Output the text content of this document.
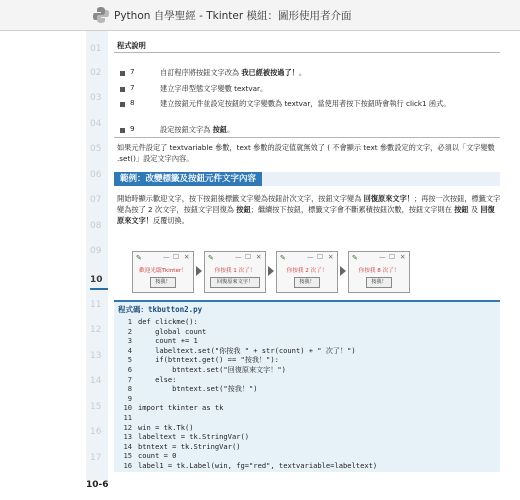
Python 自學聖經 - Tkinter 模組：圖形使用者介面
01
02
03
04
05
06
07
08
09
10
11
12
13
14
15
16
17
程式說明
7	自訂程序將按鈕文字改為 我已經被按過了！。
7	建立字串型態文字變數 textvar。
8	建立按鈕元件並設定按鈕的文字變數為 textvar，當使用者按下按鈕時會執行 click1 函式。
9	設定按鈕文字為 按鈕。
如果元件設定了 textvariable 參數，text 參數的設定值就無效了 ( 不會顯示 text 參數設定的文字，必須以「文字變數 .set()」設定文字內容。
範例：改變標籤及按鈕元件文字內容
開始時顯示歡迎文字，按下按鈕後標籤文字變為按鈕計次文字，按鈕文字變為 回復原來文字！；再按一次按鈕，標籤文字變為按了 2 次文字，按鈕文字回復為 按鈕；繼續按下按鈕，標籤文字會不斷累積按鈕次數，按鈕文字則在 按鈕 及 回復原來文字！反覆切換。
✎	— ☐ ✕
歡迎光臨Tkinter！
按我！
✎	— ☐ ✕
你按我 1 次了！
回復原來文字！
✎	— ☐ ✕
你按我 2 次了！
按我！
✎	— ☐ ✕
你按我 8 次了！
按我！
程式碼：tkbutton2.py
1 def clickme():
2    global count
3    count += 1
4    labeltext.set("你按我 " + str(count) + " 次了！")
5    if(btntext.get() == "按我！"):
6        btntext.set("回復原來文字！")
7    else:
8        btntext.set("按我！")
9
10 import tkinter as tk
11
12 win = tk.Tk()
13 labeltext = tk.StringVar()
14 btntext = tk.StringVar()
15 count = 0
16 label1 = tk.Label(win, fg="red", textvariable=labeltext)
10-6
